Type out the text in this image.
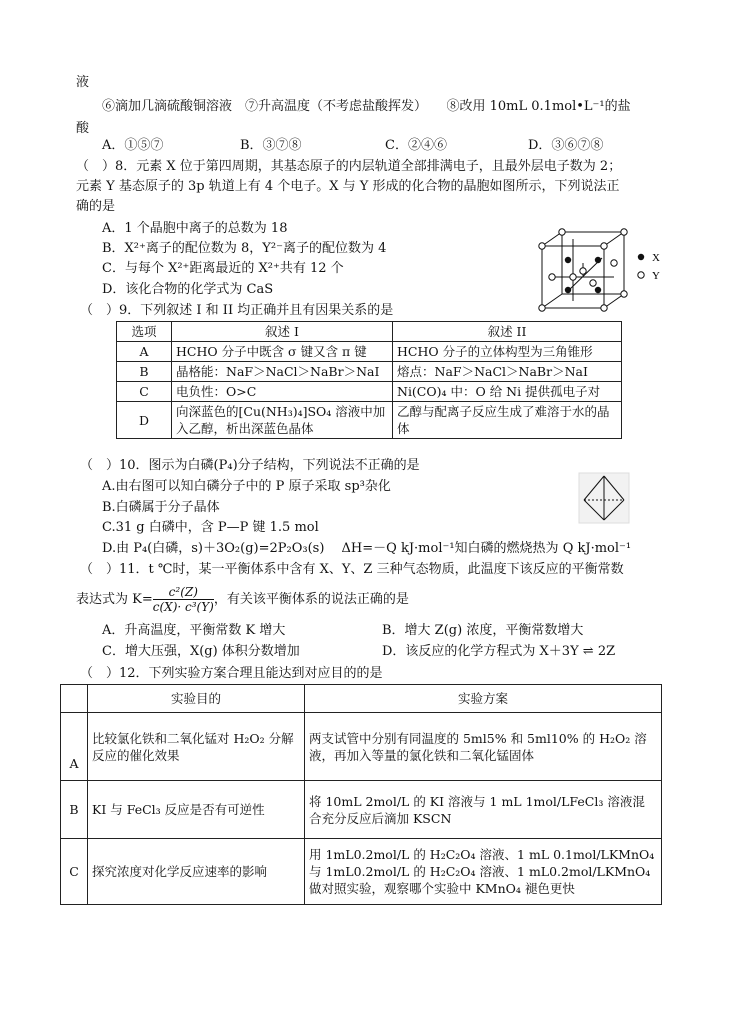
液
⑥滴加几滴硫酸铜溶液　⑦升高温度（不考虑盐酸挥发）　　⑧改用 10mL 0.1mol•L⁻¹的盐
酸
A．①⑤⑦	B．③⑦⑧	C．②④⑥	D．③⑥⑦⑧
（　）8．元素 X 位于第四周期，其基态原子的内层轨道全部排满电子，且最外层电子数为 2；
元素 Y 基态原子的 3p 轨道上有 4 个电子。X 与 Y 形成的化合物的晶胞如图所示，下列说法正
确的是
A．1 个晶胞中离子的总数为 18
B．X²⁺离子的配位数为 8，Y²⁻离子的配位数为 4
C．与每个 X²⁺距离最近的 X²⁺共有 12 个
D．该化合物的化学式为 CaS
X
Y
（　）9．下列叙述 I 和 II 均正确并且有因果关系的是
选项	叙述 I	叙述 II
A	HCHO 分子中既含 σ 键又含 π 键	HCHO 分子的立体构型为三角锥形
B	晶格能：NaF＞NaCl＞NaBr＞NaI	熔点：NaF＞NaCl＞NaBr＞NaI
C	电负性：O>C	Ni(CO)₄ 中：O 给 Ni 提供孤电子对
D	向深蓝色的[Cu(NH₃)₄]SO₄ 溶液中加入乙醇，析出深蓝色晶体	乙醇与配离子反应生成了难溶于水的晶体
（　）10．图示为白磷(P₄)分子结构，下列说法不正确的是
A.由右图可以知白磷分子中的 P 原子采取 sp³杂化
B.白磷属于分子晶体
C.31 g 白磷中，含 P—P 键 1.5 mol
D.由 P₄(白磷，s)＋3O₂(g)=2P₂O₃(s)　 ΔH=－Q kJ·mol⁻¹知白磷的燃烧热为 Q kJ·mol⁻¹
（　）11．t ℃时，某一平衡体系中含有 X、Y、Z 三种气态物质，此温度下该反应的平衡常数
表达式为 $K= \frac{\text{c²(Z)}}{\text{c(X)· c³(Y)}}$ ，有关该平衡体系的说法正确的是
A．升高温度，平衡常数 K 增大	B．增大 Z(g) 浓度，平衡常数增大
C．增大压强，X(g) 体积分数增加	D．该反应的化学方程式为 X＋3Y ⇌ 2Z
（　）12．下列实验方案合理且能达到对应目的的是
	实验目的	实验方案
A	比较氯化铁和二氧化锰对 H₂O₂ 分解反应的催化效果	两支试管中分别有同温度的 5ml5% 和 5ml10% 的 H₂O₂ 溶液，再加入等量的氯化铁和二氧化锰固体
B	KI 与 FeCl₃ 反应是否有可逆性	将 10mL 2mol/L 的 KI 溶液与 1 mL 1mol/LFeCl₃ 溶液混合充分反应后滴加 KSCN
C	探究浓度对化学反应速率的影响	用 1mL0.2mol/L 的 H₂C₂O₄ 溶液、1 mL 0.1mol/LKMnO₄ 与 1mL0.2mol/L 的 H₂C₂O₄ 溶液、1 mL0.2mol/LKMnO₄ 做对照实验，观察哪个实验中 KMnO₄ 褪色更快
